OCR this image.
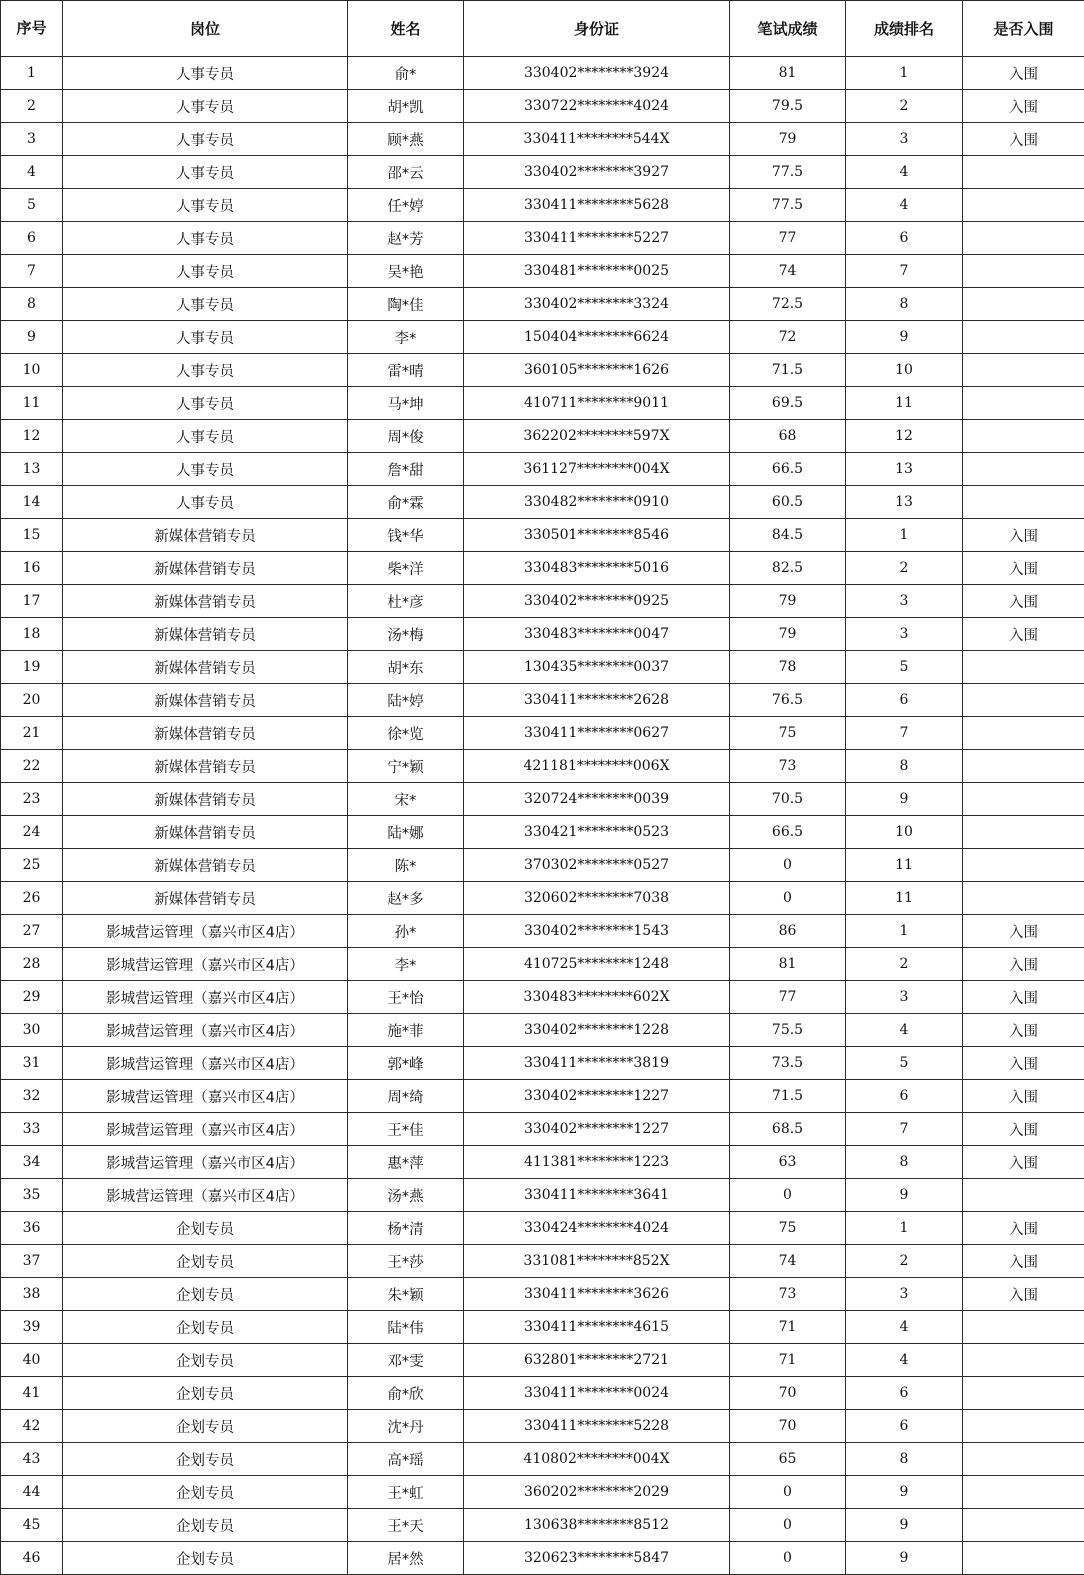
序号	岗位	姓名	身份证	笔试成绩	成绩排名	是否入围
1	人事专员	俞*	330402********3924	81	1	入围
2	人事专员	胡*凯	330722********4024	79.5	2	入围
3	人事专员	顾*燕	330411********544X	79	3	入围
4	人事专员	邵*云	330402********3927	77.5	4	
5	人事专员	任*婷	330411********5628	77.5	4	
6	人事专员	赵*芳	330411********5227	77	6	
7	人事专员	吴*艳	330481********0025	74	7	
8	人事专员	陶*佳	330402********3324	72.5	8	
9	人事专员	李*	150404********6624	72	9	
10	人事专员	雷*晴	360105********1626	71.5	10	
11	人事专员	马*坤	410711********9011	69.5	11	
12	人事专员	周*俊	362202********597X	68	12	
13	人事专员	詹*甜	361127********004X	66.5	13	
14	人事专员	俞*霖	330482********0910	60.5	13	
15	新媒体营销专员	钱*华	330501********8546	84.5	1	入围
16	新媒体营销专员	柴*洋	330483********5016	82.5	2	入围
17	新媒体营销专员	杜*彦	330402********0925	79	3	入围
18	新媒体营销专员	汤*梅	330483********0047	79	3	入围
19	新媒体营销专员	胡*东	130435********0037	78	5	
20	新媒体营销专员	陆*婷	330411********2628	76.5	6	
21	新媒体营销专员	徐*览	330411********0627	75	7	
22	新媒体营销专员	宁*颖	421181********006X	73	8	
23	新媒体营销专员	宋*	320724********0039	70.5	9	
24	新媒体营销专员	陆*娜	330421********0523	66.5	10	
25	新媒体营销专员	陈*	370302********0527	0	11	
26	新媒体营销专员	赵*多	320602********7038	0	11	
27	影城营运管理（嘉兴市区4店）	孙*	330402********1543	86	1	入围
28	影城营运管理（嘉兴市区4店）	李*	410725********1248	81	2	入围
29	影城营运管理（嘉兴市区4店）	王*怡	330483********602X	77	3	入围
30	影城营运管理（嘉兴市区4店）	施*菲	330402********1228	75.5	4	入围
31	影城营运管理（嘉兴市区4店）	郭*峰	330411********3819	73.5	5	入围
32	影城营运管理（嘉兴市区4店）	周*绮	330402********1227	71.5	6	入围
33	影城营运管理（嘉兴市区4店）	王*佳	330402********1227	68.5	7	入围
34	影城营运管理（嘉兴市区4店）	惠*萍	411381********1223	63	8	入围
35	影城营运管理（嘉兴市区4店）	汤*燕	330411********3641	0	9	
36	企划专员	杨*清	330424********4024	75	1	入围
37	企划专员	王*莎	331081********852X	74	2	入围
38	企划专员	朱*颖	330411********3626	73	3	入围
39	企划专员	陆*伟	330411********4615	71	4	
40	企划专员	邓*雯	632801********2721	71	4	
41	企划专员	俞*欣	330411********0024	70	6	
42	企划专员	沈*丹	330411********5228	70	6	
43	企划专员	高*瑶	410802********004X	65	8	
44	企划专员	王*虹	360202********2029	0	9	
45	企划专员	王*天	130638********8512	0	9	
46	企划专员	居*然	320623********5847	0	9	
